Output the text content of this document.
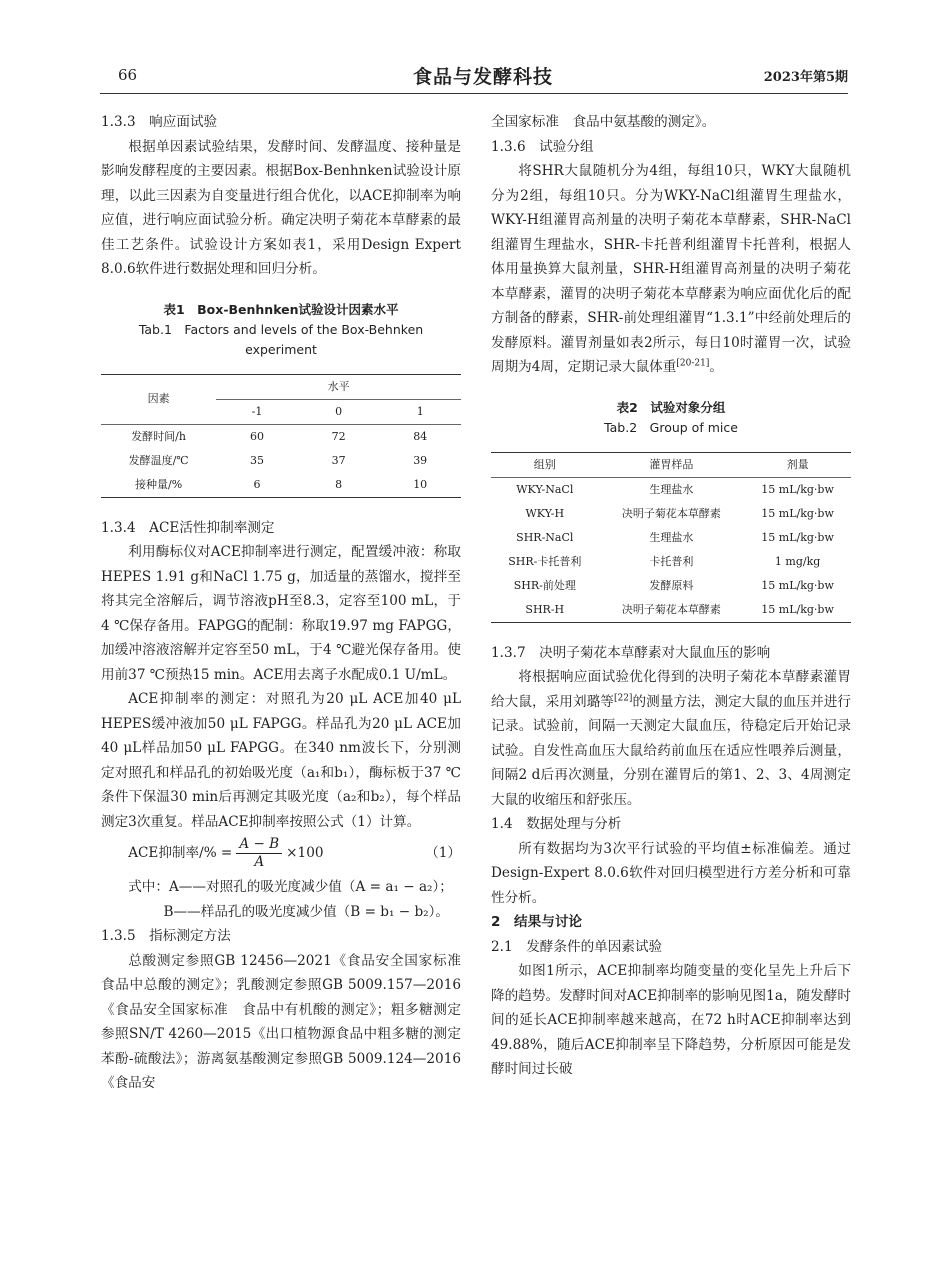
66	食品与发酵科技	2023年第5期

1.3.3　响应面试验

根据单因素试验结果，发酵时间、发酵温度、接种量是影响发酵程度的主要因素。根据Box-Benhnken试验设计原理，以此三因素为自变量进行组合优化，以ACE抑制率为响应值，进行响应面试验分析。确定决明子菊花本草酵素的最佳工艺条件。试验设计方案如表1，采用Design Expert 8.0.6软件进行数据处理和回归分析。

表1　Box-Benhnken试验设计因素水平
Tab.1　Factors and levels of the Box-Behnken experiment
因素	水平		
	-1	0	1
发酵时间/h	60	72	84
发酵温度/℃	35	37	39
接种量/%	6	8	10

1.3.4　ACE活性抑制率测定

利用酶标仪对ACE抑制率进行测定，配置缓冲液：称取HEPES 1.91 g和NaCl 1.75 g，加适量的蒸馏水，搅拌至将其完全溶解后，调节溶液pH至8.3，定容至100 mL，于4 ℃保存备用。FAPGG的配制：称取19.97 mg FAPGG，加缓冲溶液溶解并定容至50 mL，于4 ℃避光保存备用。使用前37 ℃预热15 min。ACE用去离子水配成0.1 U/mL。

ACE抑制率的测定：对照孔为20 μL ACE加40 μL HEPES缓冲液加50 μL FAPGG。样品孔为20 μL ACE加40 μL样品加50 μL FAPGG。在340 nm波长下，分别测定对照孔和样品孔的初始吸光度（a₁和b₁），酶标板于37 ℃条件下保温30 min后再测定其吸光度（a₂和b₂），每个样品测定3次重复。样品ACE抑制率按照公式（1）计算。

ACE抑制率/% = $\frac{A - B}{A} \times 100$	（1）

式中：A——对照孔的吸光度减少值（A = a₁ − a₂）；

B——样品孔的吸光度减少值（B = b₁ − b₂）。

1.3.5　指标测定方法

总酸测定参照GB 12456—2021《食品安全国家标准　食品中总酸的测定》；乳酸测定参照GB 5009.157—2016《食品安全国家标准　食品中有机酸的测定》；粗多糖测定参照SN/T 4260—2015《出口植物源食品中粗多糖的测定　苯酚-硫酸法》；游离氨基酸测定参照GB 5009.124—2016《食品安

全国家标准　食品中氨基酸的测定》。

1.3.6　试验分组

将SHR大鼠随机分为4组，每组10只，WKY大鼠随机分为2组，每组10只。分为WKY-NaCl组灌胃生理盐水，WKY-H组灌胃高剂量的决明子菊花本草酵素，SHR-NaCl组灌胃生理盐水，SHR-卡托普利组灌胃卡托普利，根据人体用量换算大鼠剂量，SHR-H组灌胃高剂量的决明子菊花本草酵素，灌胃的决明子菊花本草酵素为响应面优化后的配方制备的酵素，SHR-前处理组灌胃“1.3.1”中经前处理后的发酵原料。灌胃剂量如表2所示，每日10时灌胃一次，试验周期为4周，定期记录大鼠体重[20-21]。

表2　试验对象分组
Tab.2　Group of mice
组别	灌胃样品	剂量
WKY-NaCl	生理盐水	15 mL/kg·bw
WKY-H	决明子菊花本草酵素	15 mL/kg·bw
SHR-NaCl	生理盐水	15 mL/kg·bw
SHR-卡托普利	卡托普利	1 mg/kg
SHR-前处理	发酵原料	15 mL/kg·bw
SHR-H	决明子菊花本草酵素	15 mL/kg·bw

1.3.7　决明子菊花本草酵素对大鼠血压的影响

将根据响应面试验优化得到的决明子菊花本草酵素灌胃给大鼠，采用刘璐等[22]的测量方法，测定大鼠的血压并进行记录。试验前，间隔一天测定大鼠血压，待稳定后开始记录试验。自发性高血压大鼠给药前血压在适应性喂养后测量，间隔2 d后再次测量，分别在灌胃后的第1、2、3、4周测定大鼠的收缩压和舒张压。

1.4　数据处理与分析

所有数据均为3次平行试验的平均值±标准偏差。通过Design-Expert 8.0.6软件对回归模型进行方差分析和可靠性分析。

2　结果与讨论

2.1　发酵条件的单因素试验

如图1所示，ACE抑制率均随变量的变化呈先上升后下降的趋势。发酵时间对ACE抑制率的影响见图1a，随发酵时间的延长ACE抑制率越来越高，在72 h时ACE抑制率达到49.88%，随后ACE抑制率呈下降趋势，分析原因可能是发酵时间过长破
